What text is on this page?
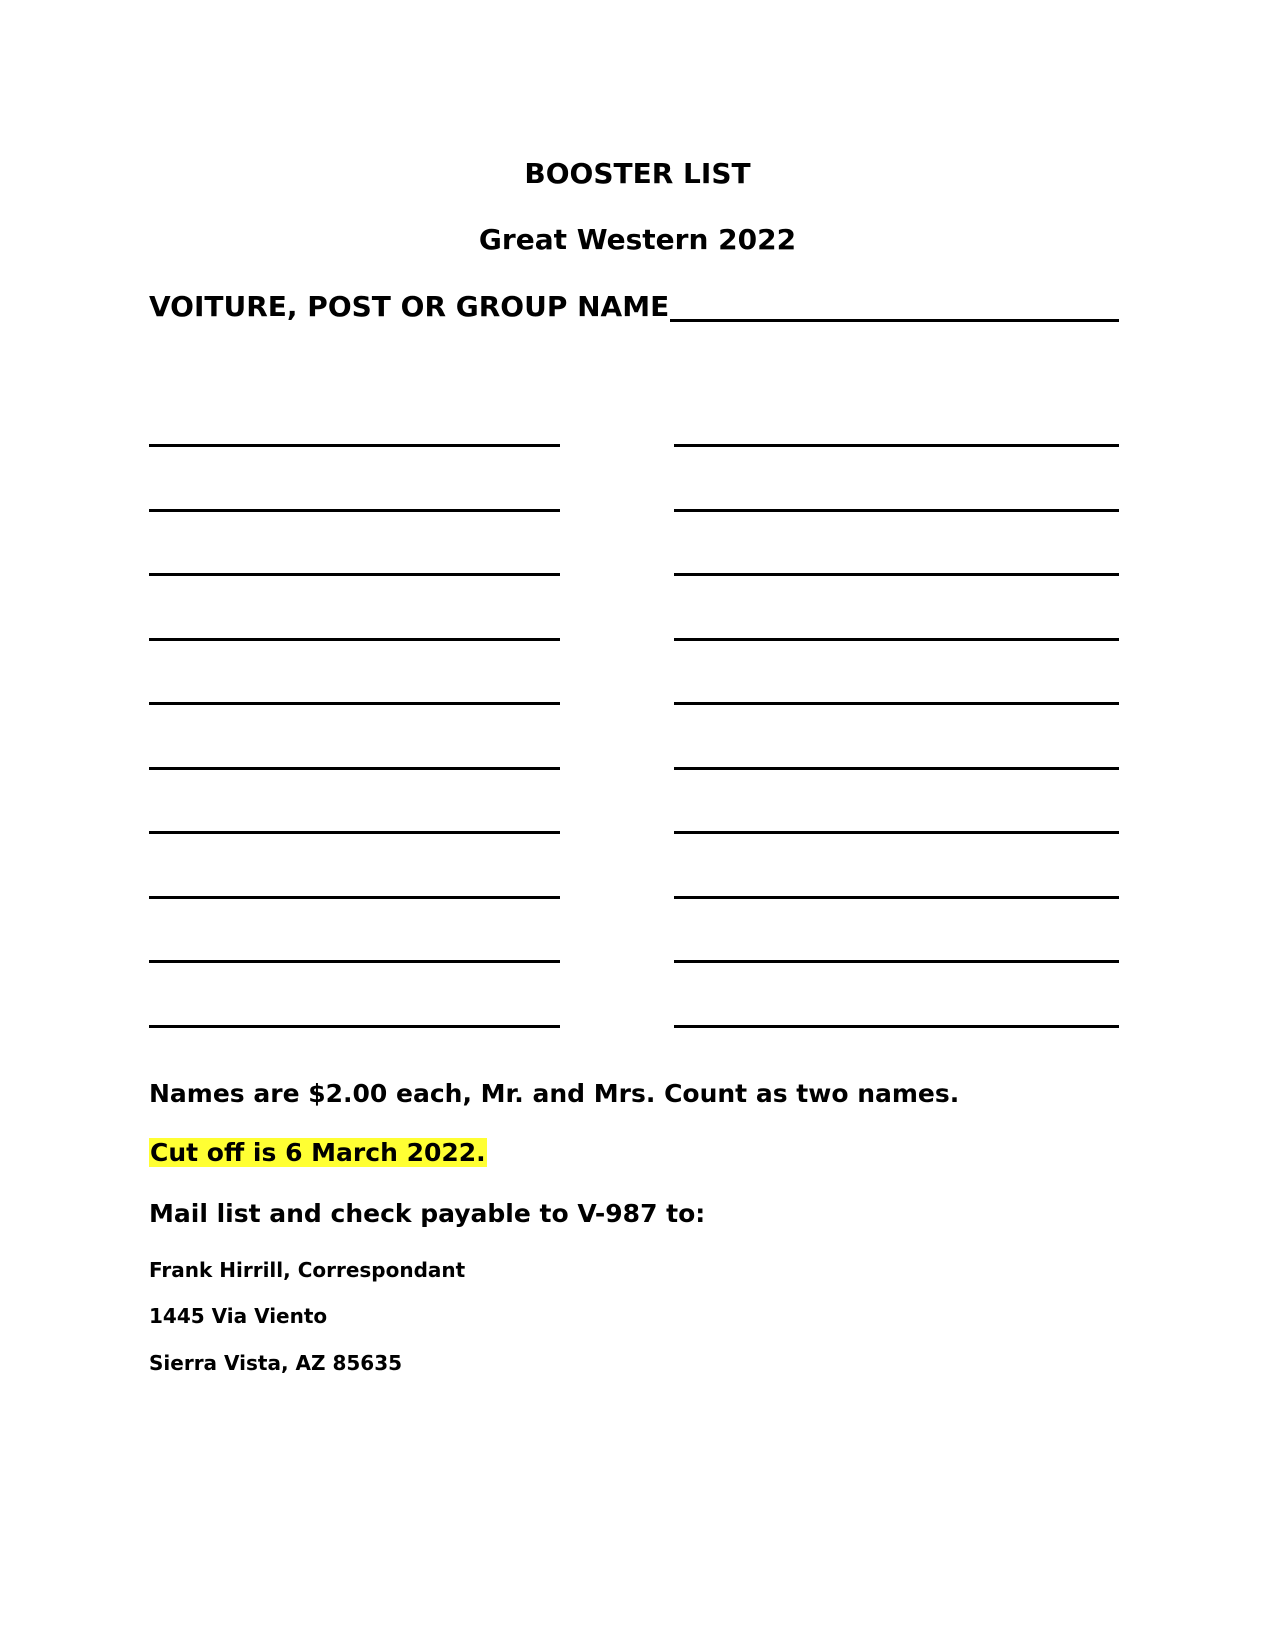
BOOSTER LIST
Great Western 2022
VOITURE, POST OR GROUP NAME
Names are $2.00 each, Mr. and Mrs. Count as two names.
Cut off is 6 March 2022.
Mail list and check payable to V-987 to:
Frank Hirrill, Correspondant
1445 Via Viento
Sierra Vista, AZ 85635
